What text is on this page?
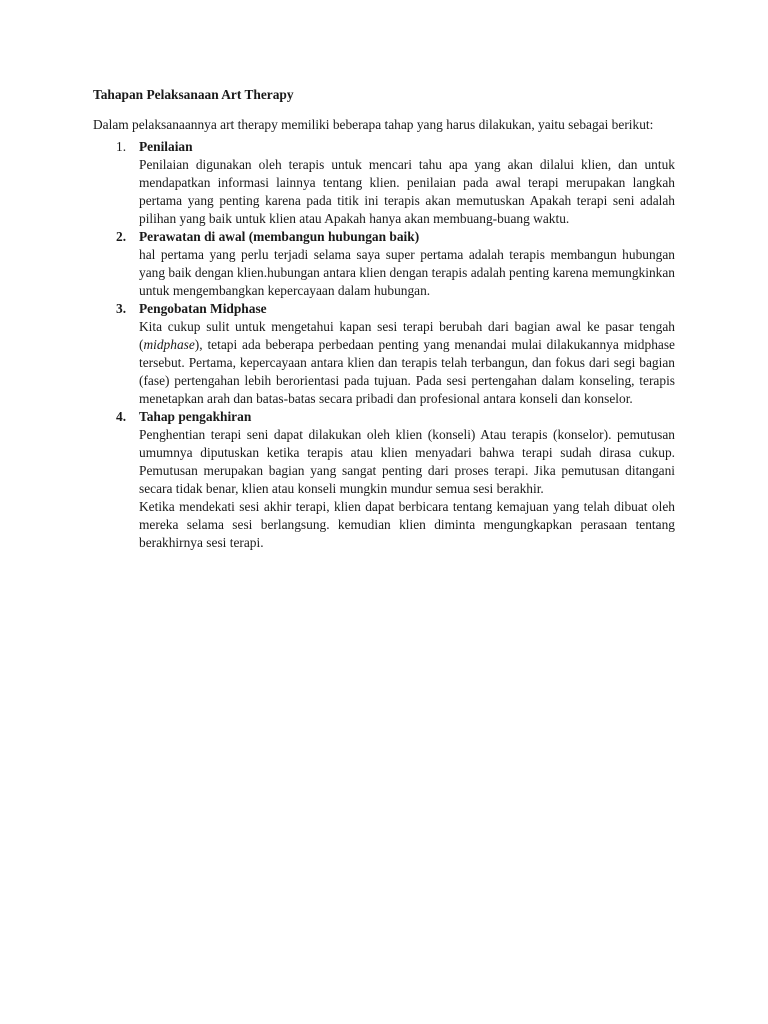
Tahapan Pelaksanaan Art Therapy

Dalam pelaksanaannya art therapy memiliki beberapa tahap yang harus dilakukan, yaitu sebagai berikut:

1. Penilaian
Penilaian digunakan oleh terapis untuk mencari tahu apa yang akan dilalui klien, dan untuk mendapatkan informasi lainnya tentang klien. penilaian pada awal terapi merupakan langkah pertama yang penting karena pada titik ini terapis akan memutuskan Apakah terapi seni adalah pilihan yang baik untuk klien atau Apakah hanya akan membuang-buang waktu.
2. Perawatan di awal (membangun hubungan baik)
hal pertama yang perlu terjadi selama saya super pertama adalah terapis membangun hubungan yang baik dengan klien.hubungan antara klien dengan terapis adalah penting karena memungkinkan untuk mengembangkan kepercayaan dalam hubungan.
3. Pengobatan Midphase
Kita cukup sulit untuk mengetahui kapan sesi terapi berubah dari bagian awal ke pasar tengah (midphase), tetapi ada beberapa perbedaan penting yang menandai mulai dilakukannya midphase tersebut. Pertama, kepercayaan antara klien dan terapis telah terbangun, dan fokus dari segi bagian (fase) pertengahan lebih berorientasi pada tujuan. Pada sesi pertengahan dalam konseling, terapis menetapkan arah dan batas-batas secara pribadi dan profesional antara konseli dan konselor.
4. Tahap pengakhiran
Penghentian terapi seni dapat dilakukan oleh klien (konseli) Atau terapis (konselor). pemutusan umumnya diputuskan ketika terapis atau klien menyadari bahwa terapi sudah dirasa cukup. Pemutusan merupakan bagian yang sangat penting dari proses terapi. Jika pemutusan ditangani secara tidak benar, klien atau konseli mungkin mundur semua sesi berakhir.
Ketika mendekati sesi akhir terapi, klien dapat berbicara tentang kemajuan yang telah dibuat oleh mereka selama sesi berlangsung. kemudian klien diminta mengungkapkan perasaan tentang berakhirnya sesi terapi.
